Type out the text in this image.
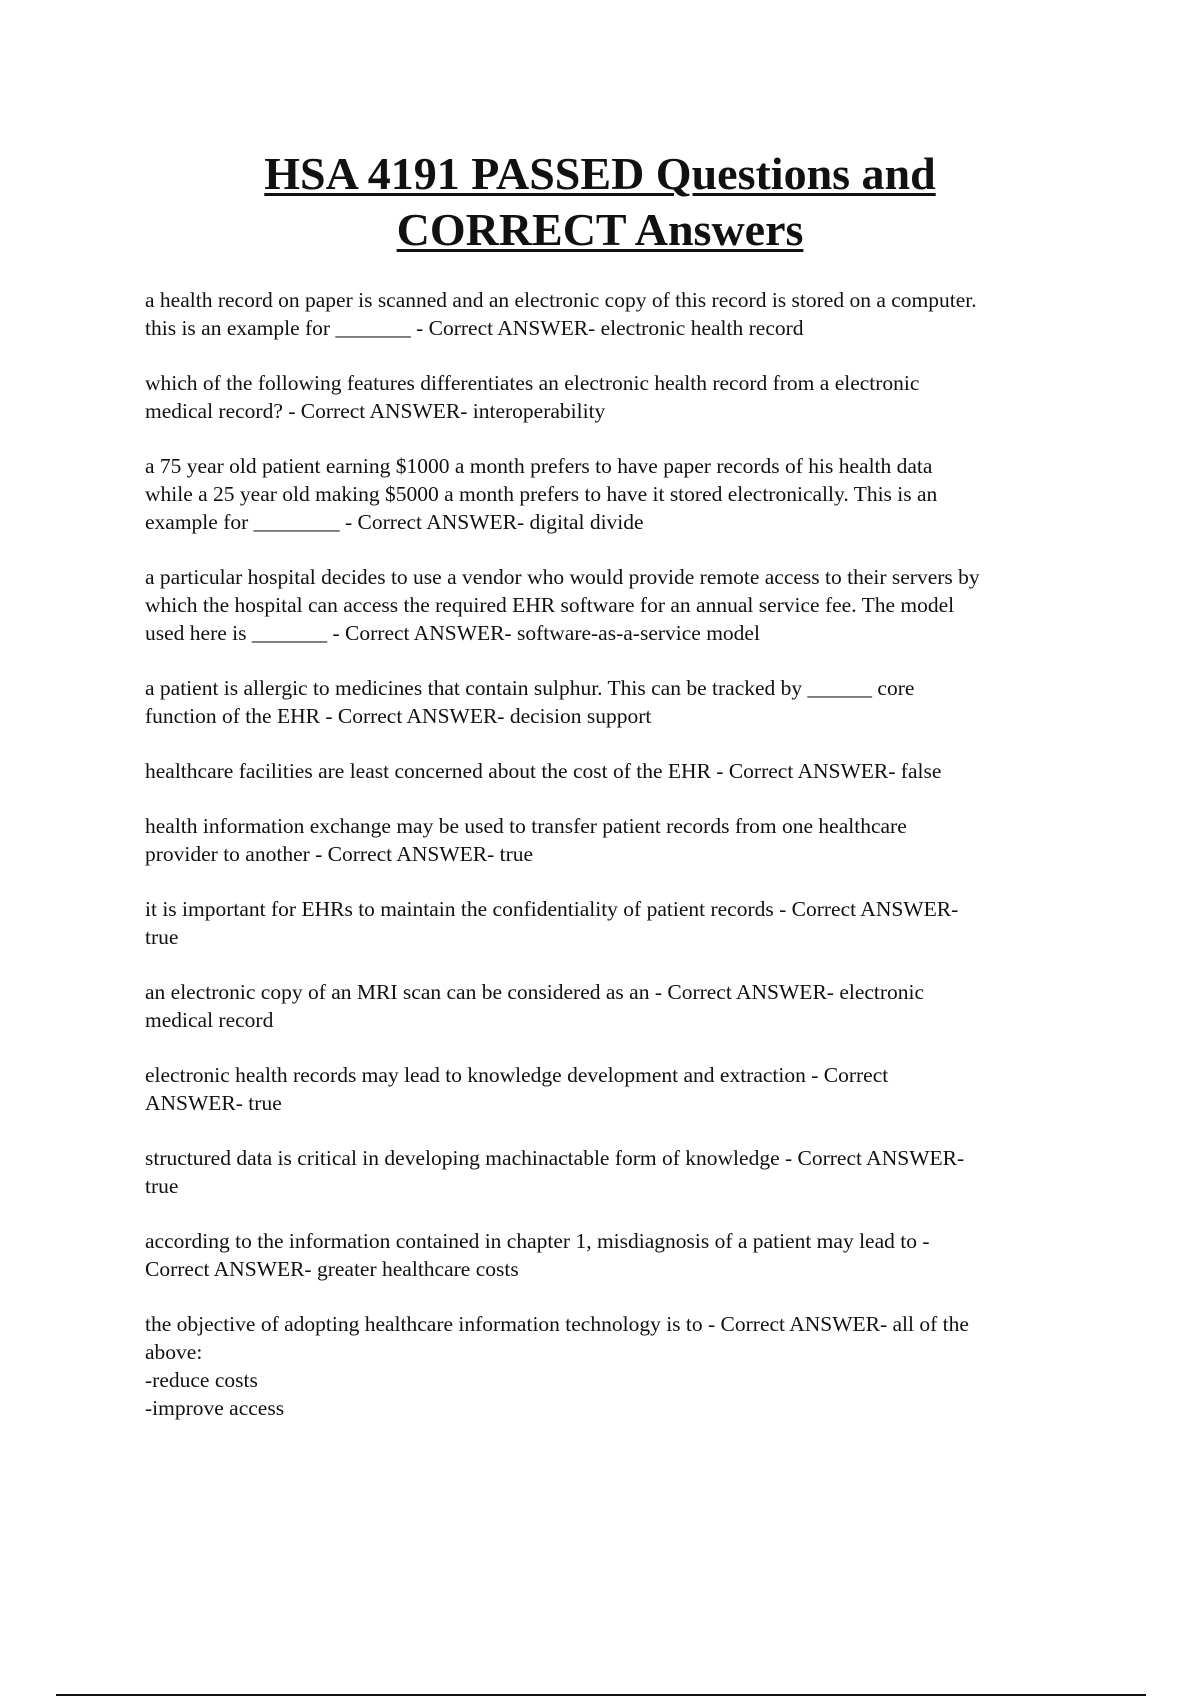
HSA 4191 PASSED Questions and
CORRECT Answers
a health record on paper is scanned and an electronic copy of this record is stored on a computer.
this is an example for _______ - Correct ANSWER- electronic health record
which of the following features differentiates an electronic health record from a electronic
medical record? - Correct ANSWER- interoperability
a 75 year old patient earning $1000 a month prefers to have paper records of his health data
while a 25 year old making $5000 a month prefers to have it stored electronically. This is an
example for ________ - Correct ANSWER- digital divide
a particular hospital decides to use a vendor who would provide remote access to their servers by
which the hospital can access the required EHR software for an annual service fee. The model
used here is _______ - Correct ANSWER- software-as-a-service model
a patient is allergic to medicines that contain sulphur. This can be tracked by ______ core
function of the EHR - Correct ANSWER- decision support
healthcare facilities are least concerned about the cost of the EHR - Correct ANSWER- false
health information exchange may be used to transfer patient records from one healthcare
provider to another - Correct ANSWER- true
it is important for EHRs to maintain the confidentiality of patient records - Correct ANSWER-
true
an electronic copy of an MRI scan can be considered as an - Correct ANSWER- electronic
medical record
electronic health records may lead to knowledge development and extraction - Correct
ANSWER- true
structured data is critical in developing machinactable form of knowledge - Correct ANSWER-
true
according to the information contained in chapter 1, misdiagnosis of a patient may lead to -
Correct ANSWER- greater healthcare costs
the objective of adopting healthcare information technology is to - Correct ANSWER- all of the
above:
-reduce costs
-improve access
